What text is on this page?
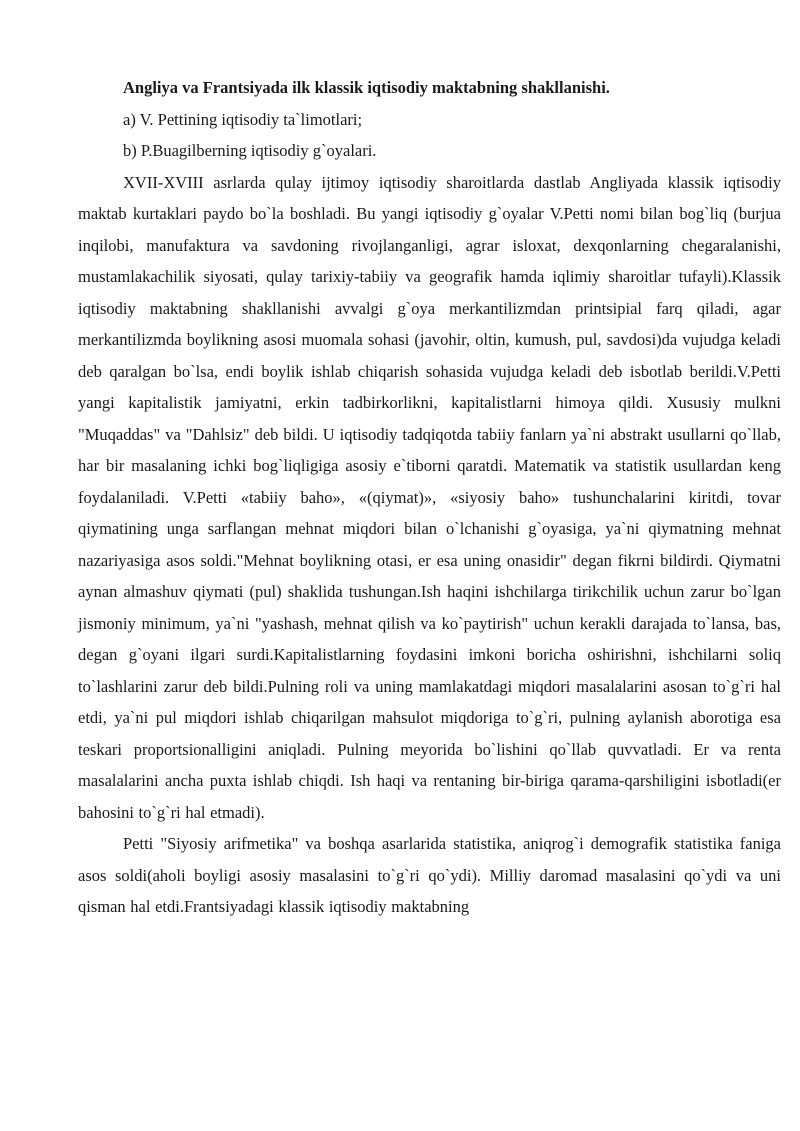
Angliya va Frantsiyada ilk klassik iqtisodiy maktabning shakllanishi.

a) V. Pettining iqtisodiy ta`limotlari;

b) P.Buagilberning iqtisodiy g`oyalari.

XVII-XVIII asrlarda qulay ijtimoy iqtisodiy sharoitlarda dastlab Angliyada klassik iqtisodiy maktab kurtaklari paydo bo`la boshladi. Bu yangi iqtisodiy g`oyalar V.Petti nomi bilan bog`liq (burjua inqilobi, manufaktura va savdoning rivojlanganligi, agrar isloxat, dexqonlarning chegaralanishi, mustamlakachilik siyosati, qulay tarixiy-tabiiy va geografik hamda iqlimiy sharoitlar tufayli).Klassik iqtisodiy maktabning shakllanishi avvalgi g`oya merkantilizmdan printsipial farq qiladi, agar merkantilizmda boylikning asosi muomala sohasi (javohir, oltin, kumush, pul, savdosi)da vujudga keladi deb qaralgan bo`lsa, endi boylik ishlab chiqarish sohasida vujudga keladi deb isbotlab berildi.V.Petti yangi kapitalistik jamiyatni, erkin tadbirkorlikni, kapitalistlarni himoya qildi. Xususiy mulkni "Muqaddas" va "Dahlsiz" deb bildi. U iqtisodiy tadqiqotda tabiiy fanlarn ya`ni abstrakt usullarni qo`llab, har bir masalaning ichki bog`liqligiga asosiy e`tiborni qaratdi. Matematik va statistik usullardan keng foydalaniladi. V.Petti «tabiiy baho», «(qiymat)», «siyosiy baho» tushunchalarini kiritdi, tovar qiymatining unga sarflangan mehnat miqdori bilan o`lchanishi g`oyasiga, ya`ni qiymatning mehnat nazariyasiga asos soldi."Mehnat boylikning otasi, er esa uning onasidir" degan fikrni bildirdi. Qiymatni aynan almashuv qiymati (pul) shaklida tushungan.Ish haqini ishchilarga tirikchilik uchun zarur bo`lgan jismoniy minimum, ya`ni "yashash, mehnat qilish va ko`paytirish" uchun kerakli darajada to`lansa, bas, degan g`oyani ilgari surdi.Kapitalistlarning foydasini imkoni boricha oshirishni, ishchilarni soliq to`lashlarini zarur deb bildi.Pulning roli va uning mamlakatdagi miqdori masalalarini asosan to`g`ri hal etdi, ya`ni pul miqdori ishlab chiqarilgan mahsulot miqdoriga to`g`ri, pulning aylanish aborotiga esa teskari proportsionalligini aniqladi. Pulning meyorida bo`lishini qo`llab quvvatladi. Er va renta masalalarini ancha puxta ishlab chiqdi. Ish haqi va rentaning bir-biriga qarama-qarshiligini isbotladi(er bahosini to`g`ri hal etmadi).

Petti "Siyosiy arifmetika" va boshqa asarlarida statistika, aniqrog`i demografik statistika faniga asos soldi(aholi boyligi asosiy masalasini to`g`ri qo`ydi). Milliy daromad masalasini qo`ydi va uni qisman hal etdi.Frantsiyadagi klassik iqtisodiy maktabning
